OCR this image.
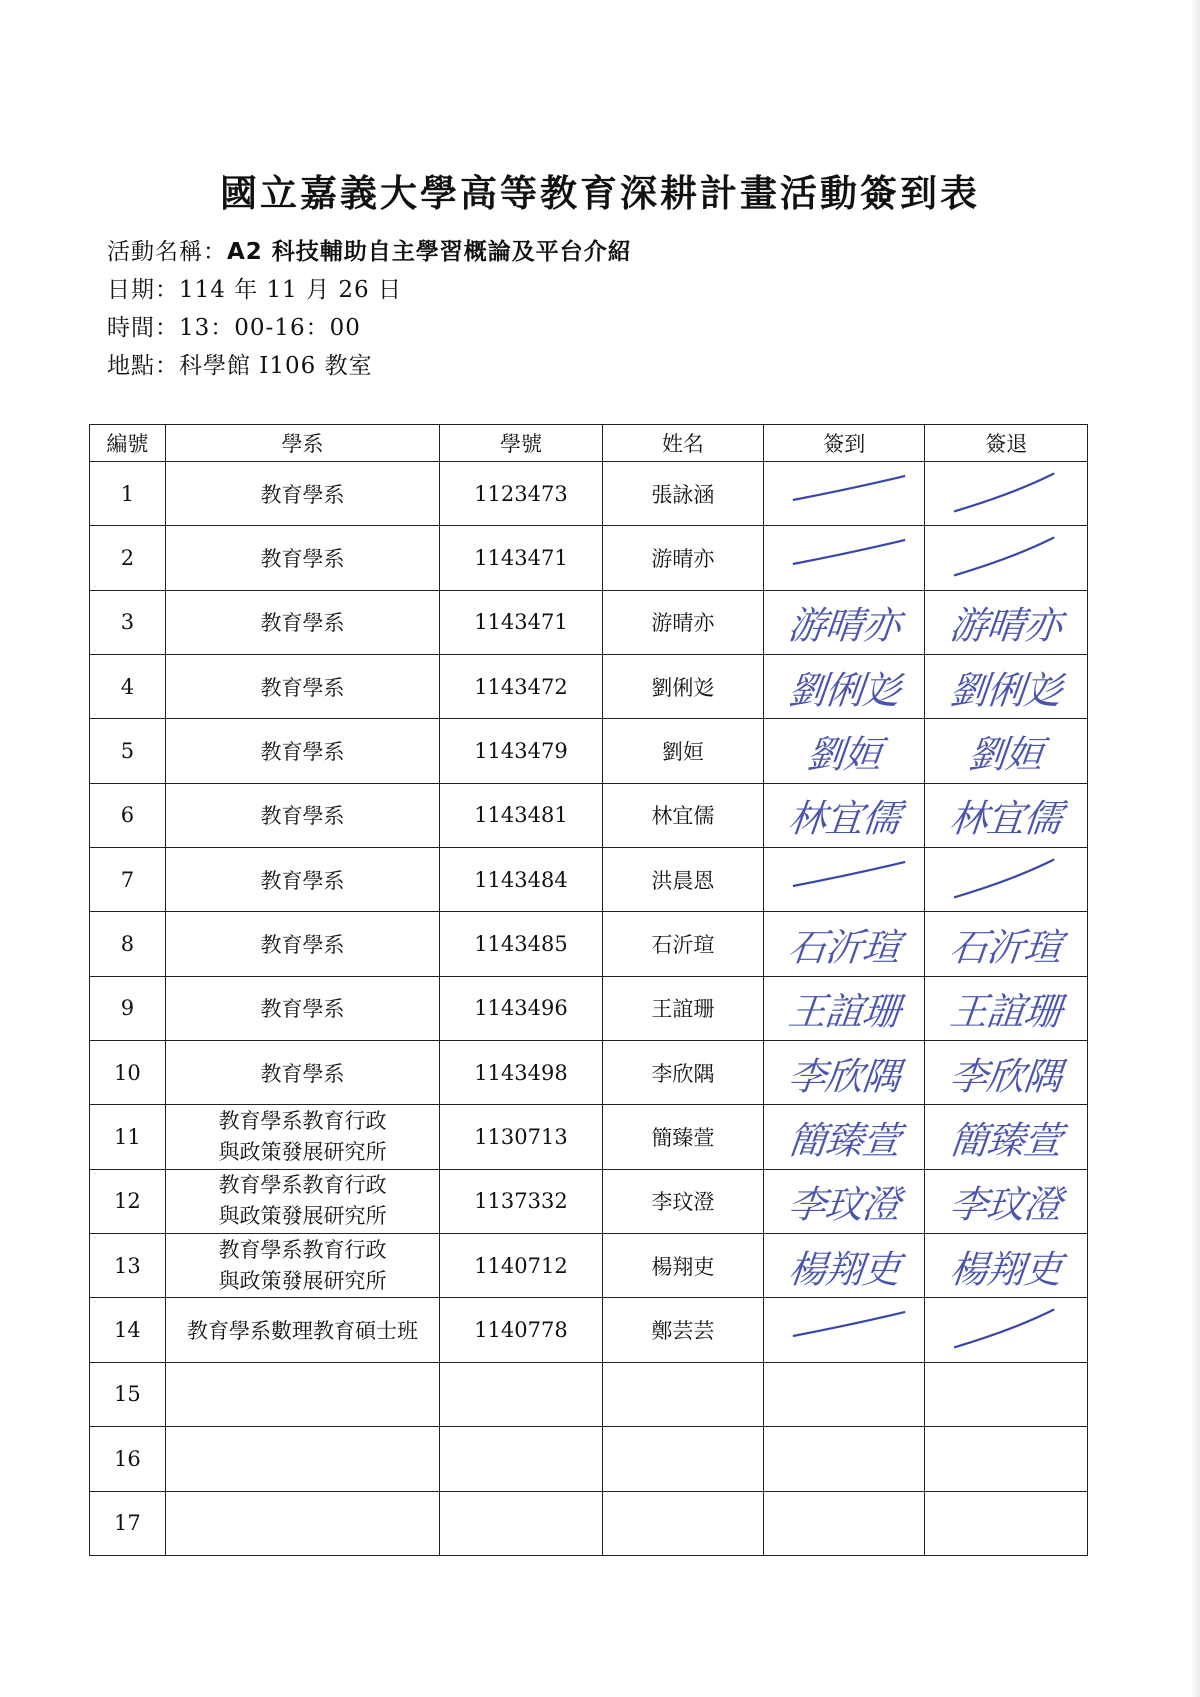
國立嘉義大學高等教育深耕計畫活動簽到表
活動名稱：A2 科技輔助自主學習概論及平台介紹
日期：114 年 11 月 26 日
時間：13：00-16：00
地點：科學館 I106 教室
編號	學系	學號	姓名	簽到	簽退
1	教育學系	1123473	張詠涵	

2	教育學系	1143471	游晴亦	

3	教育學系	1143471	游晴亦	游晴亦	游晴亦

4	教育學系	1143472	劉俐彣	劉俐彣	劉俐彣

5	教育學系	1143479	劉姮	劉姮	劉姮

6	教育學系	1143481	林宜儒	林宜儒	林宜儒

7	教育學系	1143484	洪晨恩	

8	教育學系	1143485	石沂瑄	石沂瑄	石沂瑄

9	教育學系	1143496	王誼珊	王誼珊	王誼珊

10	教育學系	1143498	李欣隅	李欣隅	李欣隅

11	教育學系教育行政
與政策發展研究所	1130713	簡臻萱	簡臻萱	簡臻萱

12	教育學系教育行政
與政策發展研究所	1137332	李玟澄	李玟澄	李玟澄

13	教育學系教育行政
與政策發展研究所	1140712	楊翔吏	楊翔吏	楊翔吏

14	教育學系數理教育碩士班	1140778	鄭芸芸	

15					
16					
17					
